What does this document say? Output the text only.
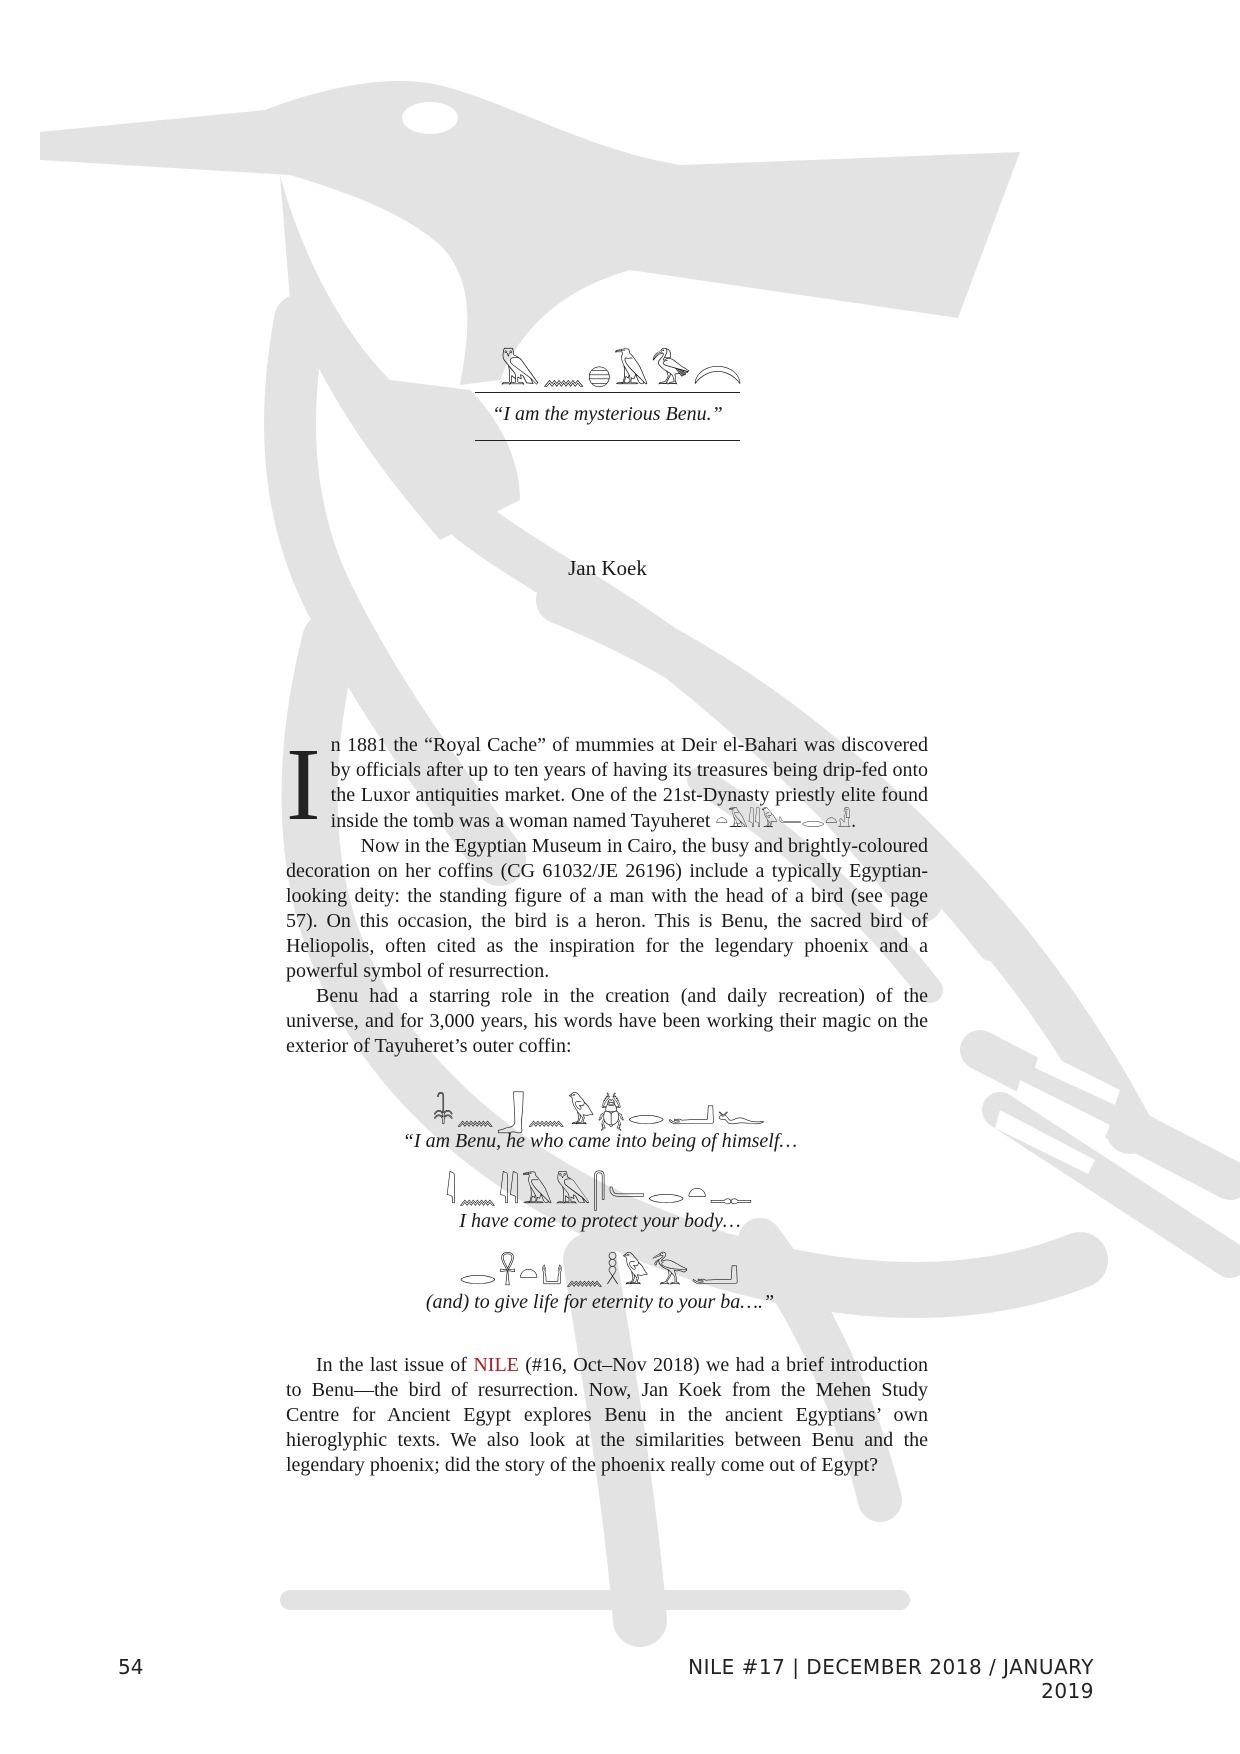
𓅓𓈖𓐍𓄿𓅜𓇹
“I am the mysterious Benu.”
Jan Koek

In 1881 the “Royal Cache” of mummies at Deir el-Bahari was discovered by officials after up to ten years of having its treasures being drip-fed onto the Luxor antiquities market. One of the 21st-Dynasty priestly elite found inside the tomb was a woman named Tayuheret 𓏏𓄿𓇌𓅱𓄑𓂋𓏏𓁐.

Now in the Egyptian Museum in Cairo, the busy and brightly-coloured decoration on her coffins (CG 61032/JE 26196) include a typically Egyptian-looking deity: the standing figure of a man with the head of a bird (see page 57). On this occasion, the bird is a heron. This is Benu, the sacred bird of Heliopolis, often cited as the inspiration for the legendary phoenix and a powerful symbol of resurrection.

Benu had a starring role in the creation (and daily recreation) of the universe, and for 3,000 years, his words have been working their magic on the exterior of Tayuheret’s outer coffin:

𓇓𓈖𓃀𓈖𓅱𓆣𓂋𓂝𓆑
“I am Benu, he who came into being of himself…
𓇋𓈖𓇌𓄿𓅓𓋴𓄑𓂋𓏏𓊃
I have come to protect your body…
𓂋𓋹𓏏𓂓𓈖𓎛𓅱𓅡𓂝
(and) to give life for eternity to your ba….”

In the last issue of NILE (#16, Oct–Nov 2018) we had a brief introduction to Benu—the bird of resurrection. Now, Jan Koek from the Mehen Study Centre for Ancient Egypt explores Benu in the ancient Egyptians’ own hieroglyphic texts. We also look at the similarities between Benu and the legendary phoenix; did the story of the phoenix really come out of Egypt?

54	NILE #17 | DECEMBER 2018 / JANUARY 2019
